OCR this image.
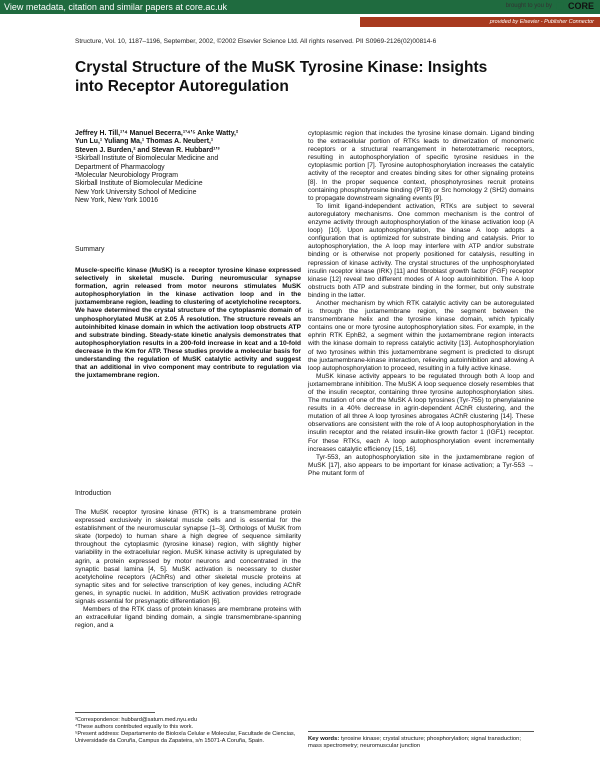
View metadata, citation and similar papers at core.ac.uk	brought to you by CORE
provided by Elsevier - Publisher Connector
Structure, Vol. 10, 1187–1196, September, 2002, ©2002 Elsevier Science Ltd. All rights reserved. PII S0969-2126(02)00814-6
Crystal Structure of the MuSK Tyrosine Kinase: Insights into Receptor Autoregulation
Jeffrey H. Till,¹ʼ⁴ Manuel Becerra,¹ʼ⁴ʼ⁵ Anke Watty,²
Yun Lu,¹ Yuliang Ma,¹ Thomas A. Neubert,¹
Steven J. Burden,² and Stevan R. Hubbard¹ʼ³
¹Skirball Institute of Biomolecular Medicine and
Department of Pharmacology
²Molecular Neurobiology Program
Skirball Institute of Biomolecular Medicine
New York University School of Medicine
New York, New York 10016
Summary

Muscle-specific kinase (MuSK) is a receptor tyrosine kinase expressed selectively in skeletal muscle. During neuromuscular synapse formation, agrin released from motor neurons stimulates MuSK autophosphorylation in the kinase activation loop and in the juxtamembrane region, leading to clustering of acetylcholine receptors. We have determined the crystal structure of the cytoplasmic domain of unphosphorylated MuSK at 2.05 Å resolution. The structure reveals an autoinhibited kinase domain in which the activation loop obstructs ATP and substrate binding. Steady-state kinetic analysis demonstrates that autophosphorylation results in a 200-fold increase in kcat and a 10-fold decrease in the Km for ATP. These studies provide a molecular basis for understanding the regulation of MuSK catalytic activity and suggest that an additional in vivo component may contribute to regulation via the juxtamembrane region.

Introduction

The MuSK receptor tyrosine kinase (RTK) is a transmembrane protein expressed exclusively in skeletal muscle cells and is essential for the establishment of the neuromuscular synapse [1–3]. Orthologs of MuSK from skate (torpedo) to human share a high degree of sequence similarity throughout the cytoplasmic (tyrosine kinase) region, with slightly higher variability in the extracellular region. MuSK kinase activity is upregulated by agrin, a protein expressed by motor neurons and concentrated in the synaptic basal lamina [4, 5]. MuSK activation is necessary to cluster acetylcholine receptors (AChRs) and other skeletal muscle proteins at synaptic sites and for selective transcription of key genes, including AChR genes, in synaptic nuclei. In addition, MuSK activation provides retrograde signals essential for presynaptic differentiation [6].

Members of the RTK class of protein kinases are membrane proteins with an extracellular ligand binding domain, a single transmembrane-spanning region, and a

³Correspondence: hubbard@saturn.med.nyu.edu
⁴These authors contributed equally to this work.
⁵Present address: Departamento de Bioloxía Celular e Molecular, Facultade de Ciencias, Universidade da Coruña, Campus da Zapateira, s/n 15071-A Coruña, Spain.

cytoplasmic region that includes the tyrosine kinase domain. Ligand binding to the extracellular portion of RTKs leads to dimerization of monomeric receptors or a structural rearrangement in heterotetrameric receptors, resulting in autophosphorylation of specific tyrosine residues in the cytoplasmic portion [7]. Tyrosine autophosphorylation increases the catalytic activity of the receptor and creates binding sites for other signaling proteins [8]. In the proper sequence context, phosphotyrosines recruit proteins containing phosphotyrosine binding (PTB) or Src homology 2 (SH2) domains to propagate downstream signaling events [9].

To limit ligand-independent activation, RTKs are subject to several autoregulatory mechanisms. One common mechanism is the control of enzyme activity through autophosphorylation of the kinase activation loop (A loop) [10]. Upon autophosphorylation, the kinase A loop adopts a configuration that is optimized for substrate binding and catalysis. Prior to autophosphorylation, the A loop may interfere with ATP and/or substrate binding or is otherwise not properly positioned for catalysis, resulting in repression of kinase activity. The crystal structures of the unphosphorylated insulin receptor kinase (IRK) [11] and fibroblast growth factor (FGF) receptor kinase [12] reveal two different modes of A loop autoinhibition. The A loop obstructs both ATP and substrate binding in the former, but only substrate binding in the latter.

Another mechanism by which RTK catalytic activity can be autoregulated is through the juxtamembrane region, the segment between the transmembrane helix and the tyrosine kinase domain, which typically contains one or more tyrosine autophosphorylation sites. For example, in the ephrin RTK EphB2, a segment within the juxtamembrane region interacts with the kinase domain to repress catalytic activity [13]. Autophosphorylation of two tyrosines within this juxtamembrane segment is predicted to disrupt the juxtamembrane-kinase interaction, relieving autoinhibition and allowing A loop autophosphorylation to proceed, resulting in a fully active kinase.

MuSK kinase activity appears to be regulated through both A loop and juxtamembrane inhibition. The MuSK A loop sequence closely resembles that of the insulin receptor, containing three tyrosine autophosphorylation sites. The mutation of one of the MuSK A loop tyrosines (Tyr-755) to phenylalanine results in a 40% decrease in agrin-dependent AChR clustering, and the mutation of all three A loop tyrosines abrogates AChR clustering [14]. These observations are consistent with the role of A loop autophosphorylation in the insulin receptor and the related insulin-like growth factor 1 (IGF1) receptor. For these RTKs, each A loop autophosphorylation event incrementally increases catalytic efficiency [15, 16].

Tyr-553, an autophosphorylation site in the juxtamembrane region of MuSK [17], also appears to be important for kinase activation; a Tyr-553 → Phe mutant form of

Key words: tyrosine kinase; crystal structure; phosphorylation; signal transduction; mass spectrometry; neuromuscular junction
